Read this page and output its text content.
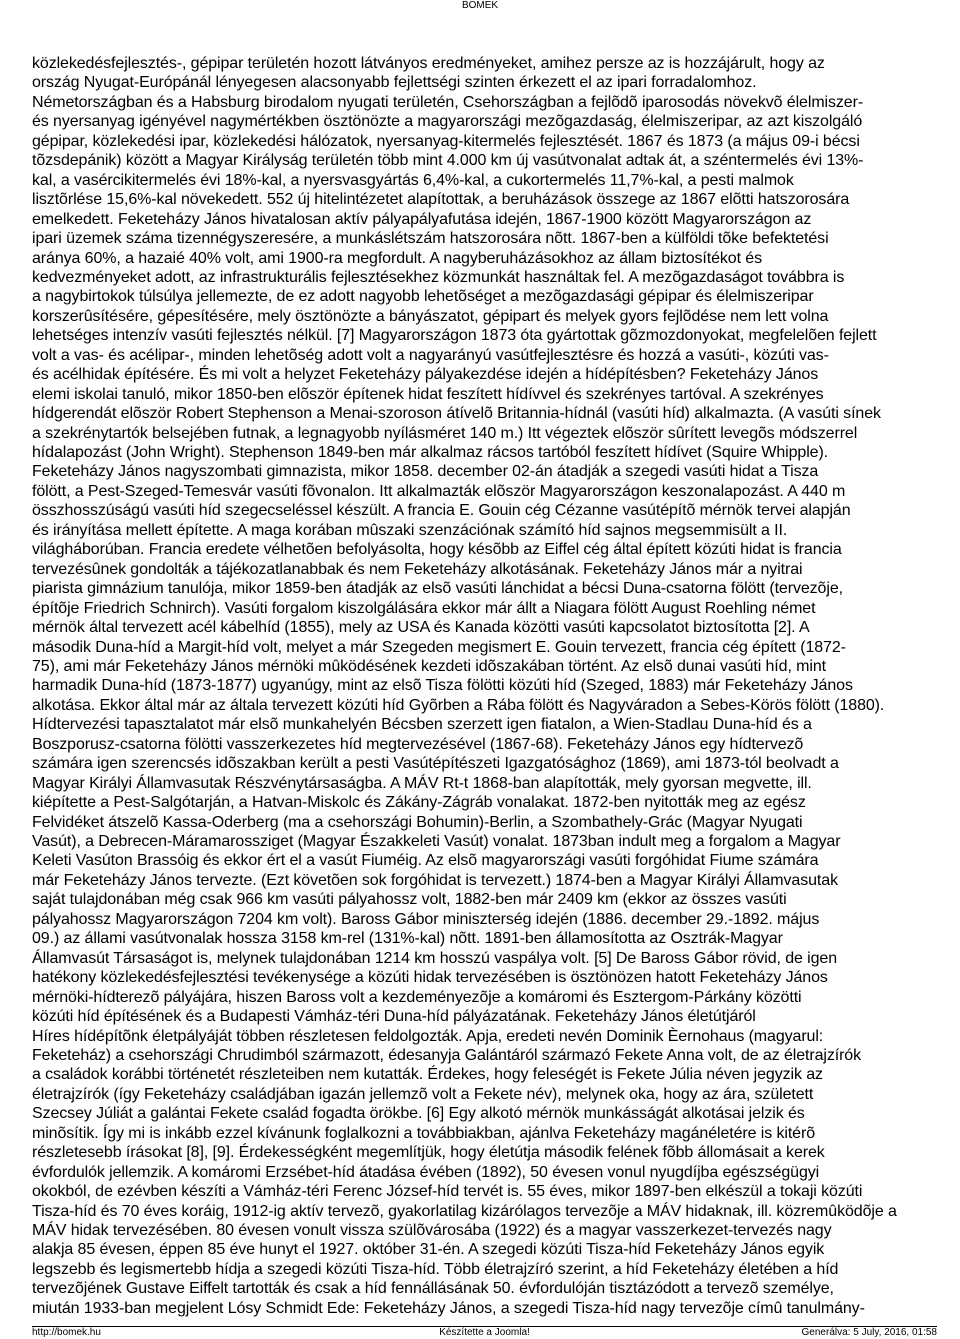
BOMEK
közlekedésfejlesztés-, gépipar területén hozott látványos eredményeket, amihez persze az is hozzájárult, hogy az
ország Nyugat-Európánál lényegesen alacsonyabb fejlettségi szinten érkezett el az ipari forradalomhoz.
Németországban és a Habsburg birodalom nyugati területén, Csehországban a fejlõdõ iparosodás növekvõ élelmiszer-
és nyersanyag igényével nagymértékben ösztönözte a magyarországi mezõgazdaság, élelmiszeripar, az azt kiszolgáló
gépipar, közlekedési ipar, közlekedési hálózatok, nyersanyag-kitermelés fejlesztését. 1867 és 1873 (a május 09-i bécsi
tõzsdepánik) között a Magyar Királyság területén több mint 4.000 km új vasútvonalat adtak át, a széntermelés évi 13%-
kal, a vasércikitermelés évi 18%-kal, a nyersvasgyártás 6,4%-kal, a cukortermelés 11,7%-kal, a pesti malmok
lisztõrlése 15,6%-kal növekedett. 552 új hitelintézetet alapítottak, a beruházások összege az 1867 elõtti hatszorosára
emelkedett. Feketeházy János hivatalosan aktív pályapályafutása idején, 1867-1900 között Magyarországon az
ipari üzemek száma tizennégyszeresére, a munkáslétszám hatszorosára nõtt. 1867-ben a külföldi tõke befektetési
aránya 60%, a hazaié 40% volt, ami 1900-ra megfordult. A nagyberuházásokhoz az állam biztosítékot és
kedvezményeket adott, az infrastrukturális fejlesztésekhez közmunkát használtak fel. A mezõgazdaságot továbbra is
a nagybirtokok túlsúlya jellemezte, de ez adott nagyobb lehetõséget a mezõgazdasági gépipar és élelmiszeripar
korszerûsítésére, gépesítésére, mely ösztönözte a bányászatot, gépipart és melyek gyors fejlõdése nem lett volna
lehetséges intenzív vasúti fejlesztés nélkül. [7] Magyarországon 1873 óta gyártottak gõzmozdonyokat, megfelelõen fejlett
volt a vas- és acélipar-, minden lehetõség adott volt a nagyarányú vasútfejlesztésre és hozzá a vasúti-, közúti vas-
és acélhidak építésére. És mi volt a helyzet Feketeházy pályakezdése idején a hídépítésben? Feketeházy János
elemi iskolai tanuló, mikor 1850-ben elõször építenek hidat feszített hídívvel és szekrényes tartóval. A szekrényes
hídgerendát elõször Robert Stephenson a Menai-szoroson átívelõ Britannia-hídnál (vasúti híd) alkalmazta. (A vasúti sínek
a szekrénytartók belsejében futnak, a legnagyobb nyílásméret 140 m.) Itt végeztek elõször sûrített levegõs módszerrel
hídalapozást (John Wright). Stephenson 1849-ben már alkalmaz rácsos tartóból feszített hídívet (Squire Whipple).
Feketeházy János nagyszombati gimnazista, mikor 1858. december 02-án átadják a szegedi vasúti hidat a Tisza
fölött, a Pest-Szeged-Temesvár vasúti fõvonalon. Itt alkalmazták elõször Magyarországon keszonalapozást. A 440 m
összhosszúságú vasúti híd szegecseléssel készült. A francia E. Gouin cég Cézanne vasútépítõ mérnök tervei alapján
és irányítása mellett építette. A maga korában mûszaki szenzációnak számító híd sajnos megsemmisült a II.
világháborúban. Francia eredete vélhetõen befolyásolta, hogy késõbb az Eiffel cég által épített közúti hidat is francia
tervezésûnek gondolták a tájékozatlanabbak és nem Feketeházy alkotásának. Feketeházy János már a nyitrai
piarista gimnázium tanulója, mikor 1859-ben átadják az elsõ vasúti lánchidat a bécsi Duna-csatorna fölött (tervezõje,
építõje Friedrich Schnirch). Vasúti forgalom kiszolgálására ekkor már állt a Niagara fölött August Roehling német
mérnök által tervezett acél kábelhíd (1855), mely az USA és Kanada közötti vasúti kapcsolatot biztosította [2]. A
második Duna-híd a Margit-híd volt, melyet a már Szegeden megismert E. Gouin tervezett, francia cég épített (1872-
75), ami már Feketeházy János mérnöki mûködésének kezdeti idõszakában történt. Az elsõ dunai vasúti híd, mint
harmadik Duna-híd (1873-1877) ugyanúgy, mint az elsõ Tisza fölötti közúti híd (Szeged, 1883) már Feketeházy János
alkotása. Ekkor által már az általa tervezett közúti híd Gyõrben a Rába fölött és Nagyváradon a Sebes-Körös fölött (1880).
Hídtervezési tapasztalatot már elsõ munkahelyén Bécsben szerzett igen fiatalon, a Wien-Stadlau Duna-híd és a
Boszporusz-csatorna fölötti vasszerkezetes híd megtervezésével (1867-68). Feketeházy János egy hídtervezõ
számára igen szerencsés idõszakban került a pesti Vasútépítészeti Igazgatósághoz (1869), ami 1873-tól beolvadt a
Magyar Királyi Államvasutak Részvénytársaságba. A MÁV Rt-t 1868-ban alapították, mely gyorsan megvette, ill.
kiépítette a Pest-Salgótarján, a Hatvan-Miskolc és Zákány-Zágráb vonalakat. 1872-ben nyitották meg az egész
Felvidéket átszelõ Kassa-Oderberg (ma a csehországi Bohumin)-Berlin, a Szombathely-Grác (Magyar Nyugati
Vasút), a Debrecen-Máramarossziget (Magyar Északkeleti Vasút) vonalat. 1873ban indult meg a forgalom a Magyar
Keleti Vasúton Brassóig és ekkor ért el a vasút Fiuméig. Az elsõ magyarországi vasúti forgóhidat Fiume számára
már Feketeházy János tervezte. (Ezt követõen sok forgóhidat is tervezett.) 1874-ben a Magyar Királyi Államvasutak
saját tulajdonában még csak 966 km vasúti pályahossz volt, 1882-ben már 2409 km (ekkor az összes vasúti
pályahossz Magyarországon 7204 km volt). Baross Gábor miniszterség idején (1886. december 29.-1892. május
09.) az állami vasútvonalak hossza 3158 km-rel (131%-kal) nõtt. 1891-ben államosította az Osztrák-Magyar
Államvasút Társaságot is, melynek tulajdonában 1214 km hosszú vaspálya volt. [5] De Baross Gábor rövid, de igen
hatékony közlekedésfejlesztési tevékenysége a közúti hidak tervezésében is ösztönözen hatott Feketeházy János
mérnöki-hídterezõ pályájára, hiszen Baross volt a kezdeményezõje a komáromi és Esztergom-Párkány közötti
közúti híd építésének és a Budapesti Vámház-téri Duna-híd pályázatának. Feketeházy János életútjáról
Híres hídépítõnk életpályáját többen részletesen feldolgozták. Apja, eredeti nevén Dominik Èernohaus (magyarul:
Feketeház) a csehországi Chrudimból származott, édesanyja Galántáról származó Fekete Anna volt, de az életrajzírók
a családok korábbi történetét részleteiben nem kutatták. Érdekes, hogy feleségét is Fekete Júlia néven jegyzik az
életrajzírók (így Feketeházy családjában igazán jellemzõ volt a Fekete név), melynek oka, hogy az ára, született
Szecsey Júliát a galántai Fekete család fogadta örökbe. [6] Egy alkotó mérnök munkásságát alkotásai jelzik és
minõsítik. Így mi is inkább ezzel kívánunk foglalkozni a továbbiakban, ajánlva Feketeházy magánéletére is kitérõ
részletesebb írásokat [8], [9]. Érdekességként megemlítjük, hogy életútja második felének fõbb állomásait a kerek
évfordulók jellemzik. A komáromi Erzsébet-híd átadása évében (1892), 50 évesen vonul nyugdíjba egészségügyi
okokból, de ezévben készíti a Vámház-téri Ferenc József-híd tervét is. 55 éves, mikor 1897-ben elkészül a tokaji közúti
Tisza-híd és 70 éves koráig, 1912-ig aktív tervezõ, gyakorlatilag kizárólagos tervezõje a MÁV hidaknak, ill. közremûködõje a
MÁV hidak tervezésében. 80 évesen vonult vissza szülõvárosába (1922) és a magyar vasszerkezet-tervezés nagy
alakja 85 évesen, éppen 85 éve hunyt el 1927. október 31-én. A szegedi közúti Tisza-híd Feketeházy János egyik
legszebb és legismertebb hídja a szegedi közúti Tisza-híd. Több életrajzíró szerint, a híd Feketeházy életében a híd
tervezõjének Gustave Eiffelt tartották és csak a híd fennállásának 50. évfordulóján tisztázódott a tervezõ személye,
miután 1933-ban megjelent Lósy Schmidt Ede: Feketeházy János, a szegedi Tisza-híd nagy tervezõje címû tanulmány-
http://bomek.hu	Készítette a Joomla!	Generálva: 5 July, 2016, 01:58
